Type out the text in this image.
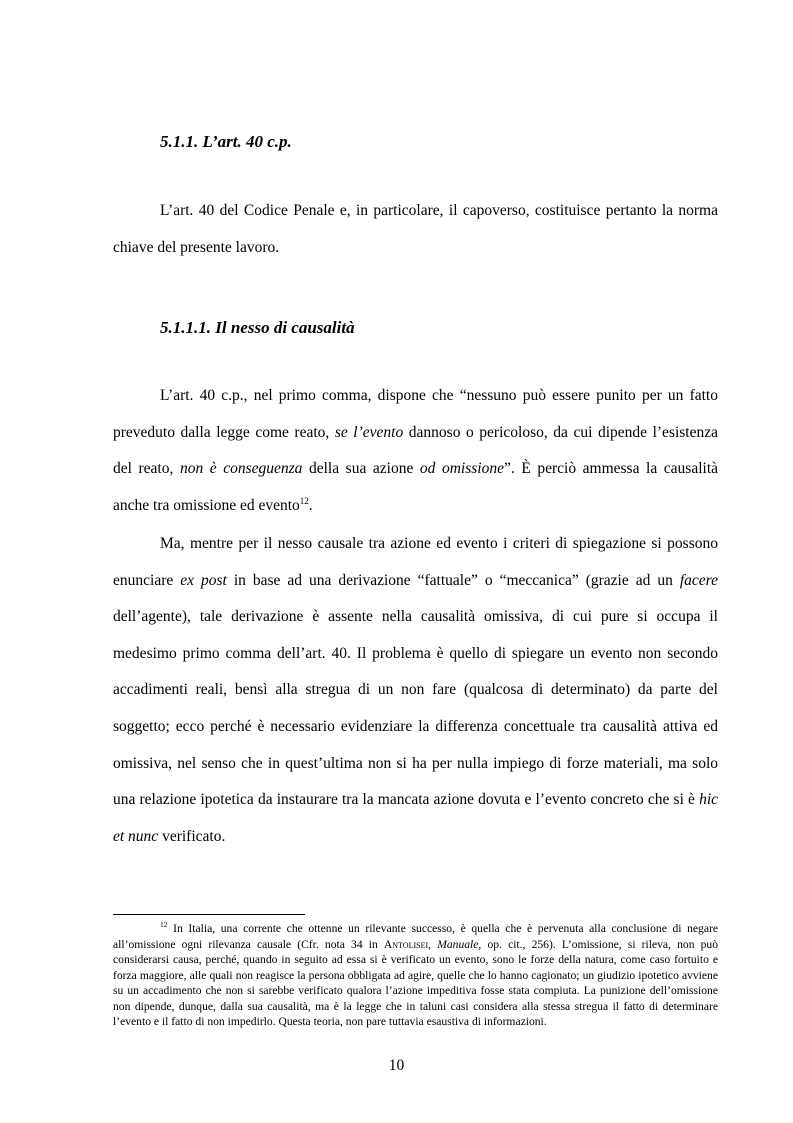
5.1.1. L’art. 40 c.p.

L’art. 40 del Codice Penale e, in particolare, il capoverso, costituisce pertanto la norma chiave del presente lavoro.

5.1.1.1. Il nesso di causalità

L’art. 40 c.p., nel primo comma, dispone che “nessuno può essere punito per un fatto preveduto dalla legge come reato, se l’evento dannoso o pericoloso, da cui dipende l’esistenza del reato, non è conseguenza della sua azione od omissione”. È perciò ammessa la causalità anche tra omissione ed evento$^{12}$.

Ma, mentre per il nesso causale tra azione ed evento i criteri di spiegazione si possono enunciare ex post in base ad una derivazione “fattuale” o “meccanica” (grazie ad un facere dell’agente), tale derivazione è assente nella causalità omissiva, di cui pure si occupa il medesimo primo comma dell’art. 40. Il problema è quello di spiegare un evento non secondo accadimenti reali, bensì alla stregua di un non fare (qualcosa di determinato) da parte del soggetto; ecco perché è necessario evidenziare la differenza concettuale tra causalità attiva ed omissiva, nel senso che in quest’ultima non si ha per nulla impiego di forze materiali, ma solo una relazione ipotetica da instaurare tra la mancata azione dovuta e l’evento concreto che si è hic et nunc verificato.

$^{12}$ In Italia, una corrente che ottenne un rilevante successo, è quella che è pervenuta alla conclusione di negare all’omissione ogni rilevanza causale (Cfr. nota 34 in Antolisei, Manuale, op. cit., 256). L’omissione, si rileva, non può considerarsi causa, perché, quando in seguito ad essa si è verificato un evento, sono le forze della natura, come caso fortuito e forza maggiore, alle quali non reagisce la persona obbligata ad agire, quelle che lo hanno cagionato; un giudizio ipotetico avviene su un accadimento che non si sarebbe verificato qualora l’azione impeditiva fosse stata compiuta. La punizione dell’omissione non dipende, dunque, dalla sua causalità, ma è la legge che in taluni casi considera alla stessa stregua il fatto di determinare l’evento e il fatto di non impedirlo. Questa teoria, non pare tuttavia esaustiva di informazioni.

10
